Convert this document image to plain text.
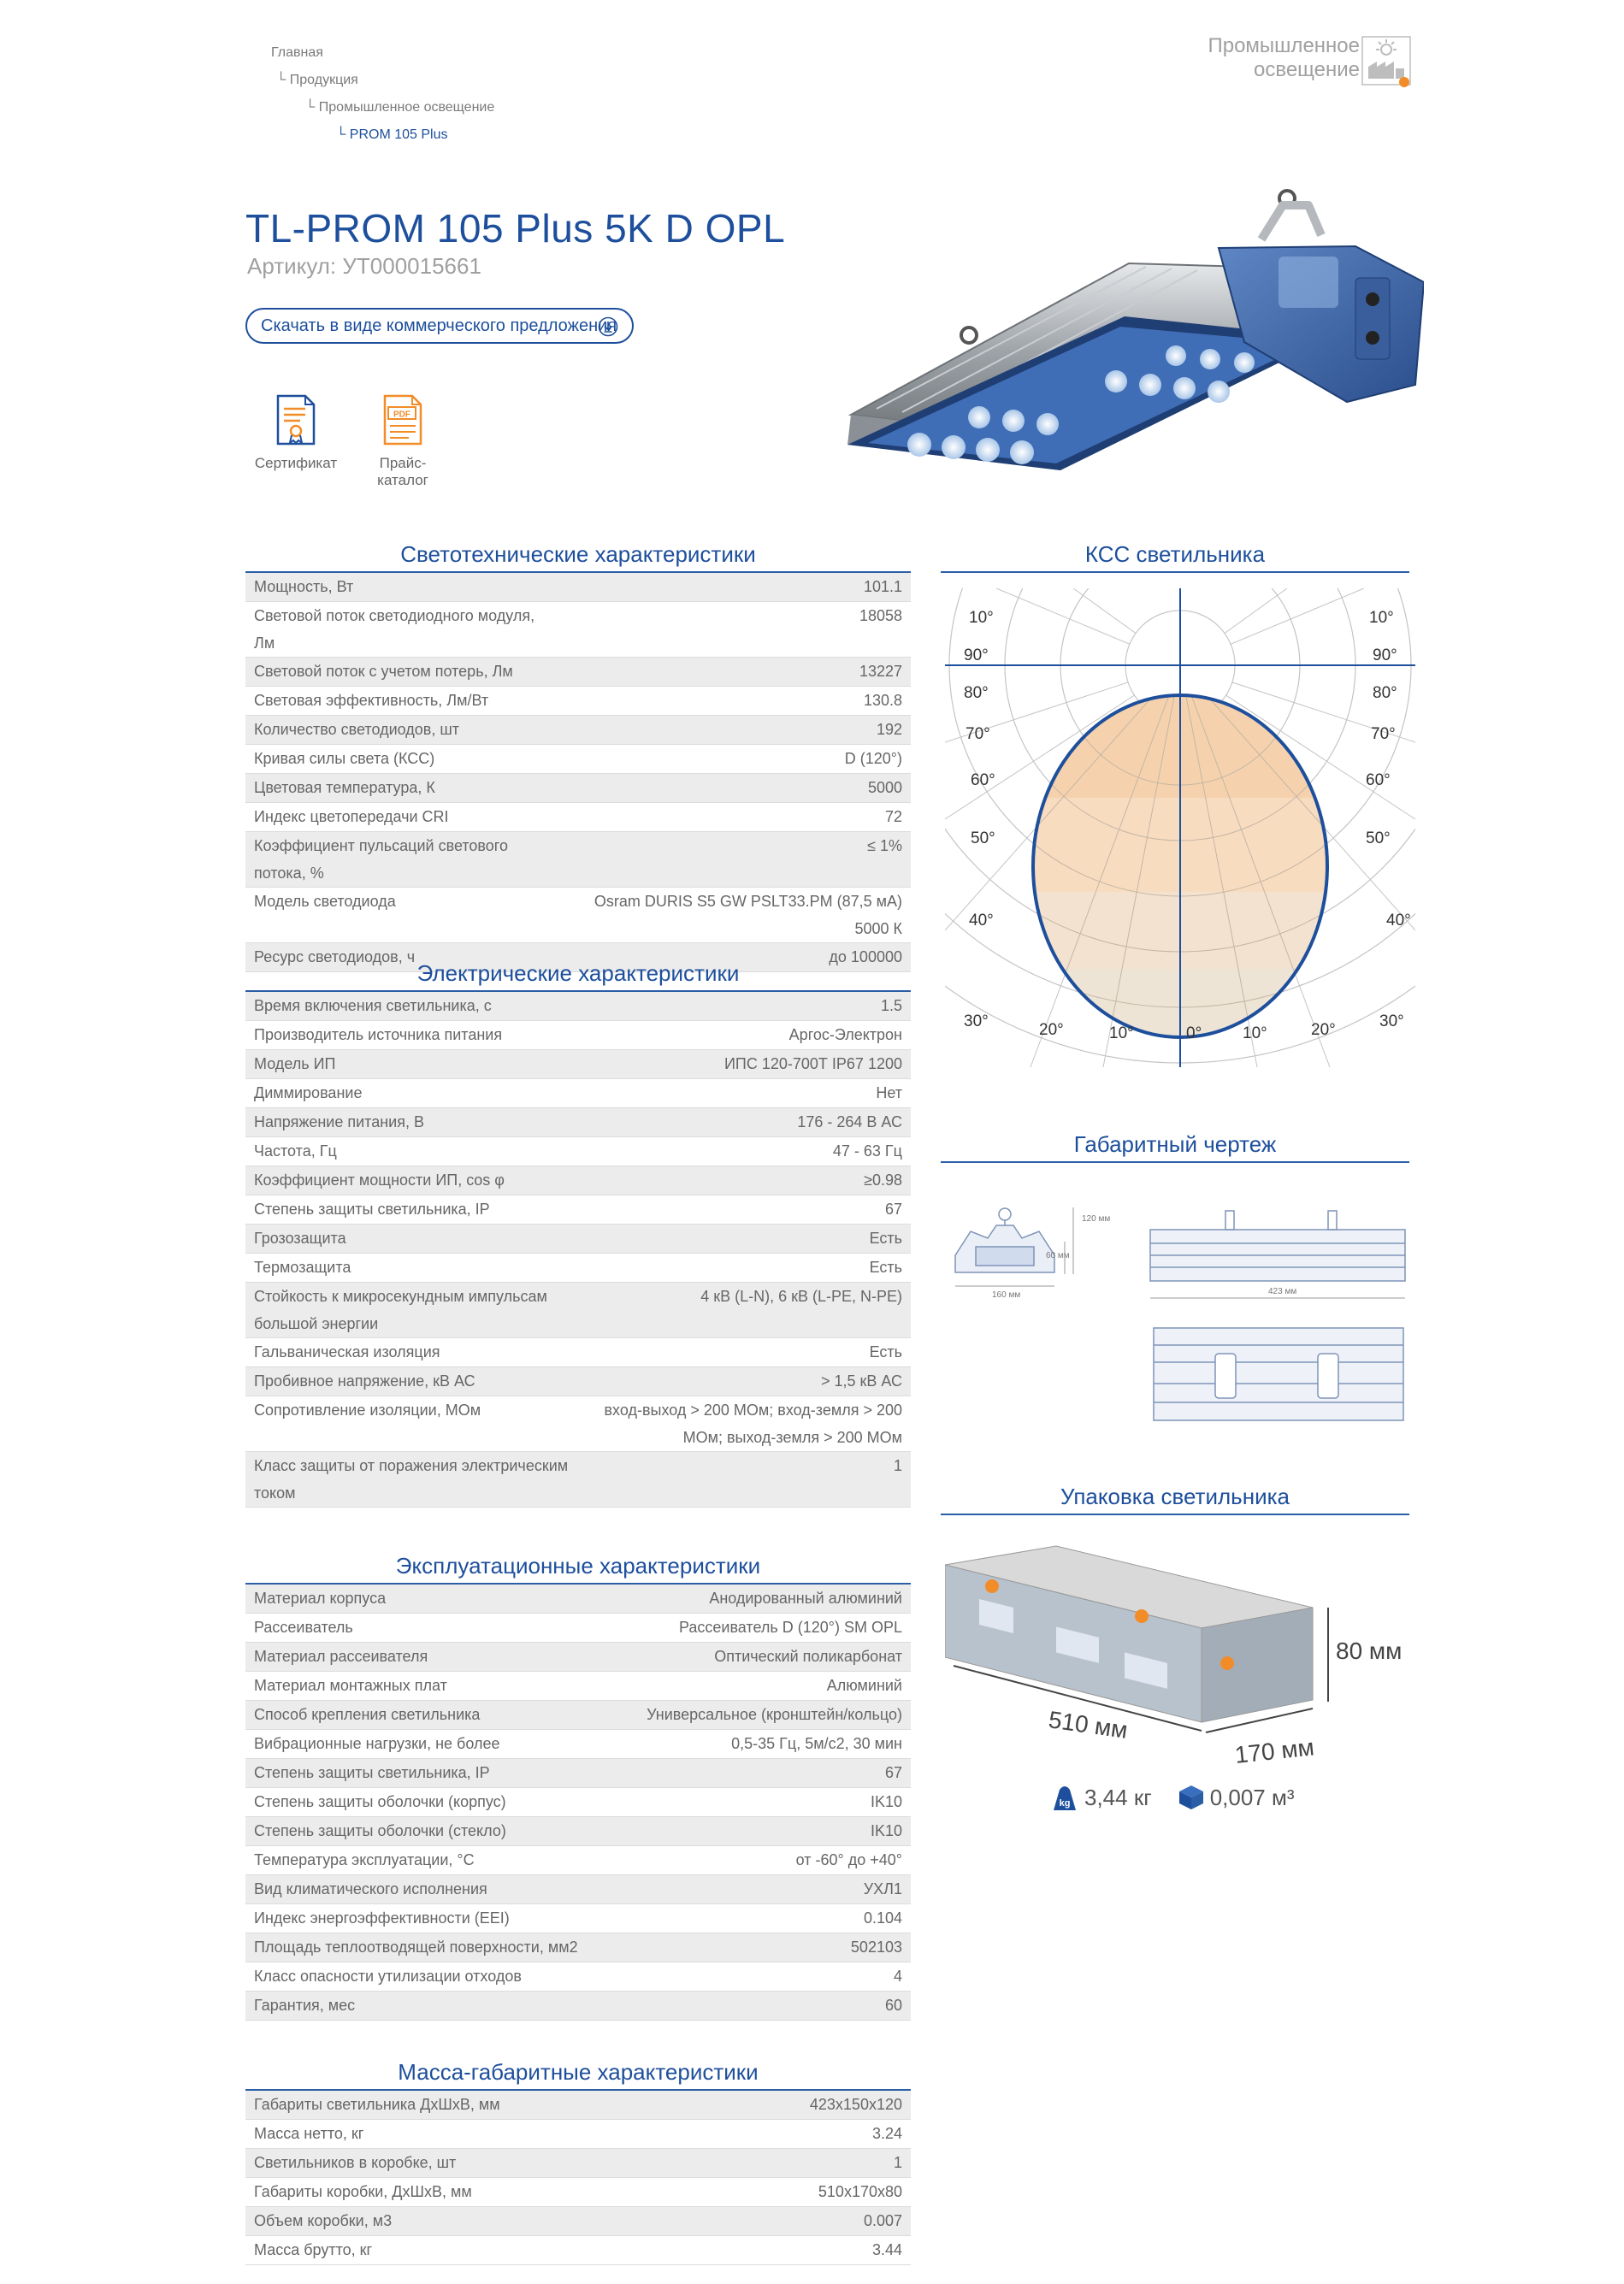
Главная
└ Продукция
└ Промышленное освещение
└ PROM 105 Plus
Промышленное
освещение
TL-PROM 105 Plus 5K D OPL
Артикул: УТ000015661
Скачать в виде коммерческого предложения
Сертификат
PDF
Прайс-каталог
Светотехнические характеристики
Мощность, Вт	101.1
Световой поток светодиодного модуля, Лм	18058
Световой поток с учетом потерь, Лм	13227
Световая эффективность, Лм/Вт	130.8
Количество светодиодов, шт	192
Кривая силы света (КСС)	D (120°)
Цветовая температура, К	5000
Индекс цветопередачи CRI	72
Коэффициент пульсаций светового потока, %	≤ 1%
Модель светодиода	Osram DURIS S5 GW PSLT33.PM (87,5 мА) 5000 К
Ресурс светодиодов, ч	до 100000
Электрические характеристики
Время включения светильника, с	1.5
Производитель источника питания	Аргос-Электрон
Модель ИП	ИПС 120-700Т IP67 1200
Диммирование	Нет
Напряжение питания, В	176 - 264 В АС
Частота, Гц	47 - 63 Гц
Коэффициент мощности ИП, cos φ	≥0.98
Степень защиты светильника, IP	67
Грозозащита	Есть
Термозащита	Есть
Стойкость к микросекундным импульсам большой энергии	4 кВ (L-N), 6 кВ (L-PE, N-PE)
Гальваническая изоляция	Есть
Пробивное напряжение, кВ АС	> 1,5 кВ АС
Сопротивление изоляции, МОм	вход-выход > 200 МОм; вход-земля > 200 МОм; выход-земля > 200 МОм
Класс защиты от поражения электрическим током	1
Эксплуатационные характеристики
Материал корпуса	Анодированный алюминий
Рассеиватель	Рассеиватель D (120°) SM OPL
Материал рассеивателя	Оптический поликарбонат
Материал монтажных плат	Алюминий
Способ крепления светильника	Универсальное (кронштейн/кольцо)
Вибрационные нагрузки, не более	0,5-35 Гц, 5м/с2, 30 мин
Степень защиты светильника, IP	67
Степень защиты оболочки (корпус)	IK10
Степень защиты оболочки (стекло)	IK10
Температура эксплуатации, °С	от -60° до +40°
Вид климатического исполнения	УХЛ1
Индекс энергоэффективности (EEI)	0.104
Площадь теплоотводящей поверхности, мм2	502103
Класс опасности утилизации отходов	4
Гарантия, мес	60
Масса-габаритные характеристики
Габариты светильника ДхШхВ, мм	423x150x120
Масса нетто, кг	3.24
Светильников в коробке, шт	1
Габариты коробки, ДхШхВ, мм	510x170x80
Объем коробки, м3	0.007
Масса брутто, кг	3.44
КСС светильника
10°
90°
80°
70°
60°
50°
40°
10°
90°
80°
70°
60°
50°
40°
30°	20°	10°	0°	10°	20°	30°
Габаритный чертеж
120 мм
60 мм
160 мм	423 мм
Упаковка светильника
510 мм
170 мм
80 мм
kg 3,44 кг	0,007 м³
